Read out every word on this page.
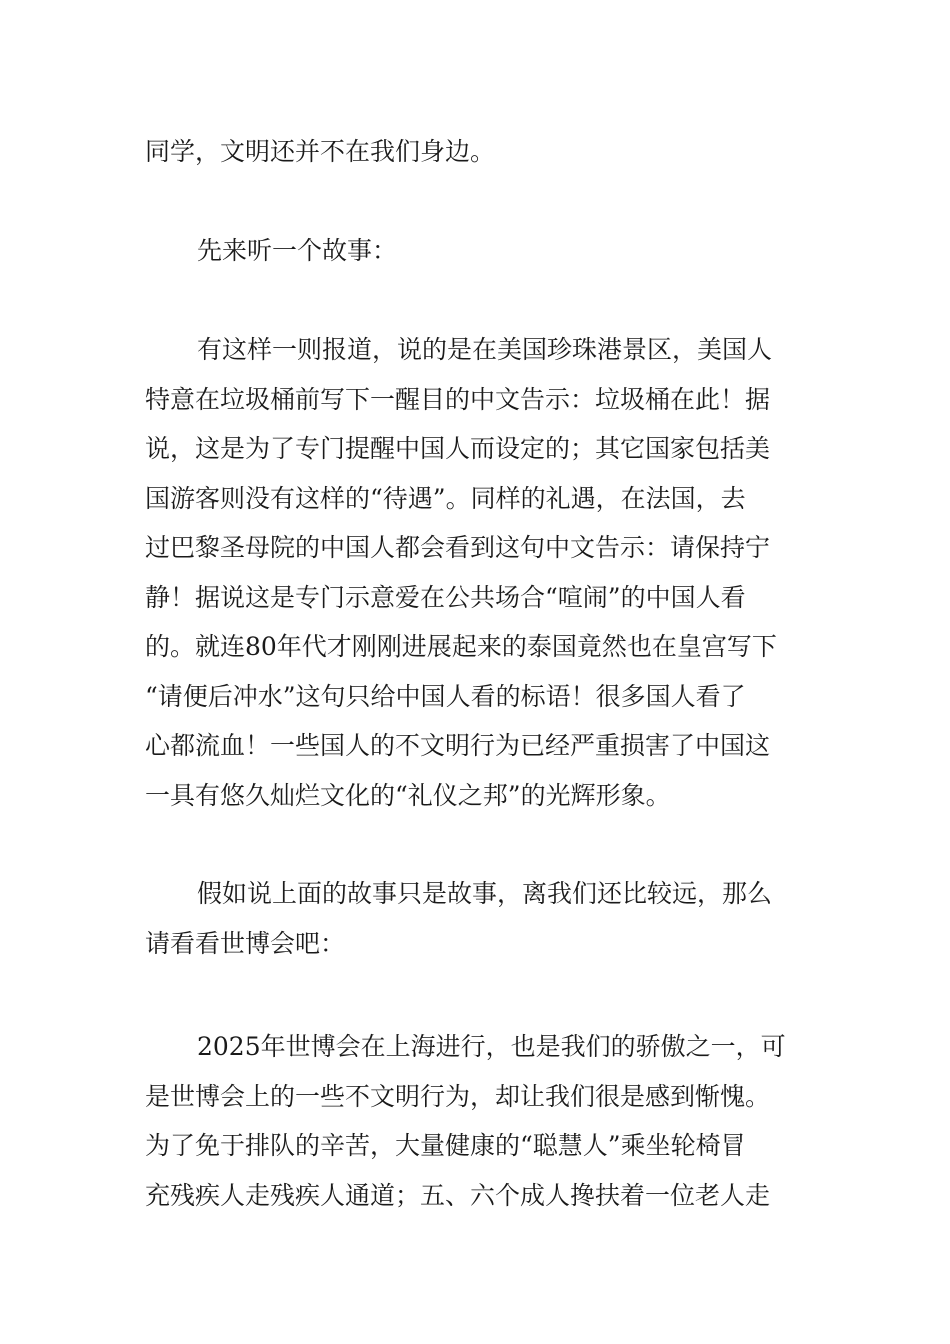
同学，文明还并不在我们身边。
先来听一个故事：
有这样一则报道，说的是在美国珍珠港景区，美国人
特意在垃圾桶前写下一醒目的中文告示：垃圾桶在此！据
说，这是为了专门提醒中国人而设定的；其它国家包括美
国游客则没有这样的“待遇”。同样的礼遇，在法国，去
过巴黎圣母院的中国人都会看到这句中文告示：请保持宁
静！据说这是专门示意爱在公共场合“喧闹”的中国人看
的。就连80年代才刚刚进展起来的泰国竟然也在皇宫写下
“请便后冲水”这句只给中国人看的标语！很多国人看了
心都流血！一些国人的不文明行为已经严重损害了中国这
一具有悠久灿烂文化的“礼仪之邦”的光辉形象。
假如说上面的故事只是故事，离我们还比较远，那么
请看看世博会吧：
2025年世博会在上海进行，也是我们的骄傲之一，可
是世博会上的一些不文明行为，却让我们很是感到惭愧。
为了免于排队的辛苦，大量健康的“聪慧人”乘坐轮椅冒
充残疾人走残疾人通道；五、六个成人搀扶着一位老人走
